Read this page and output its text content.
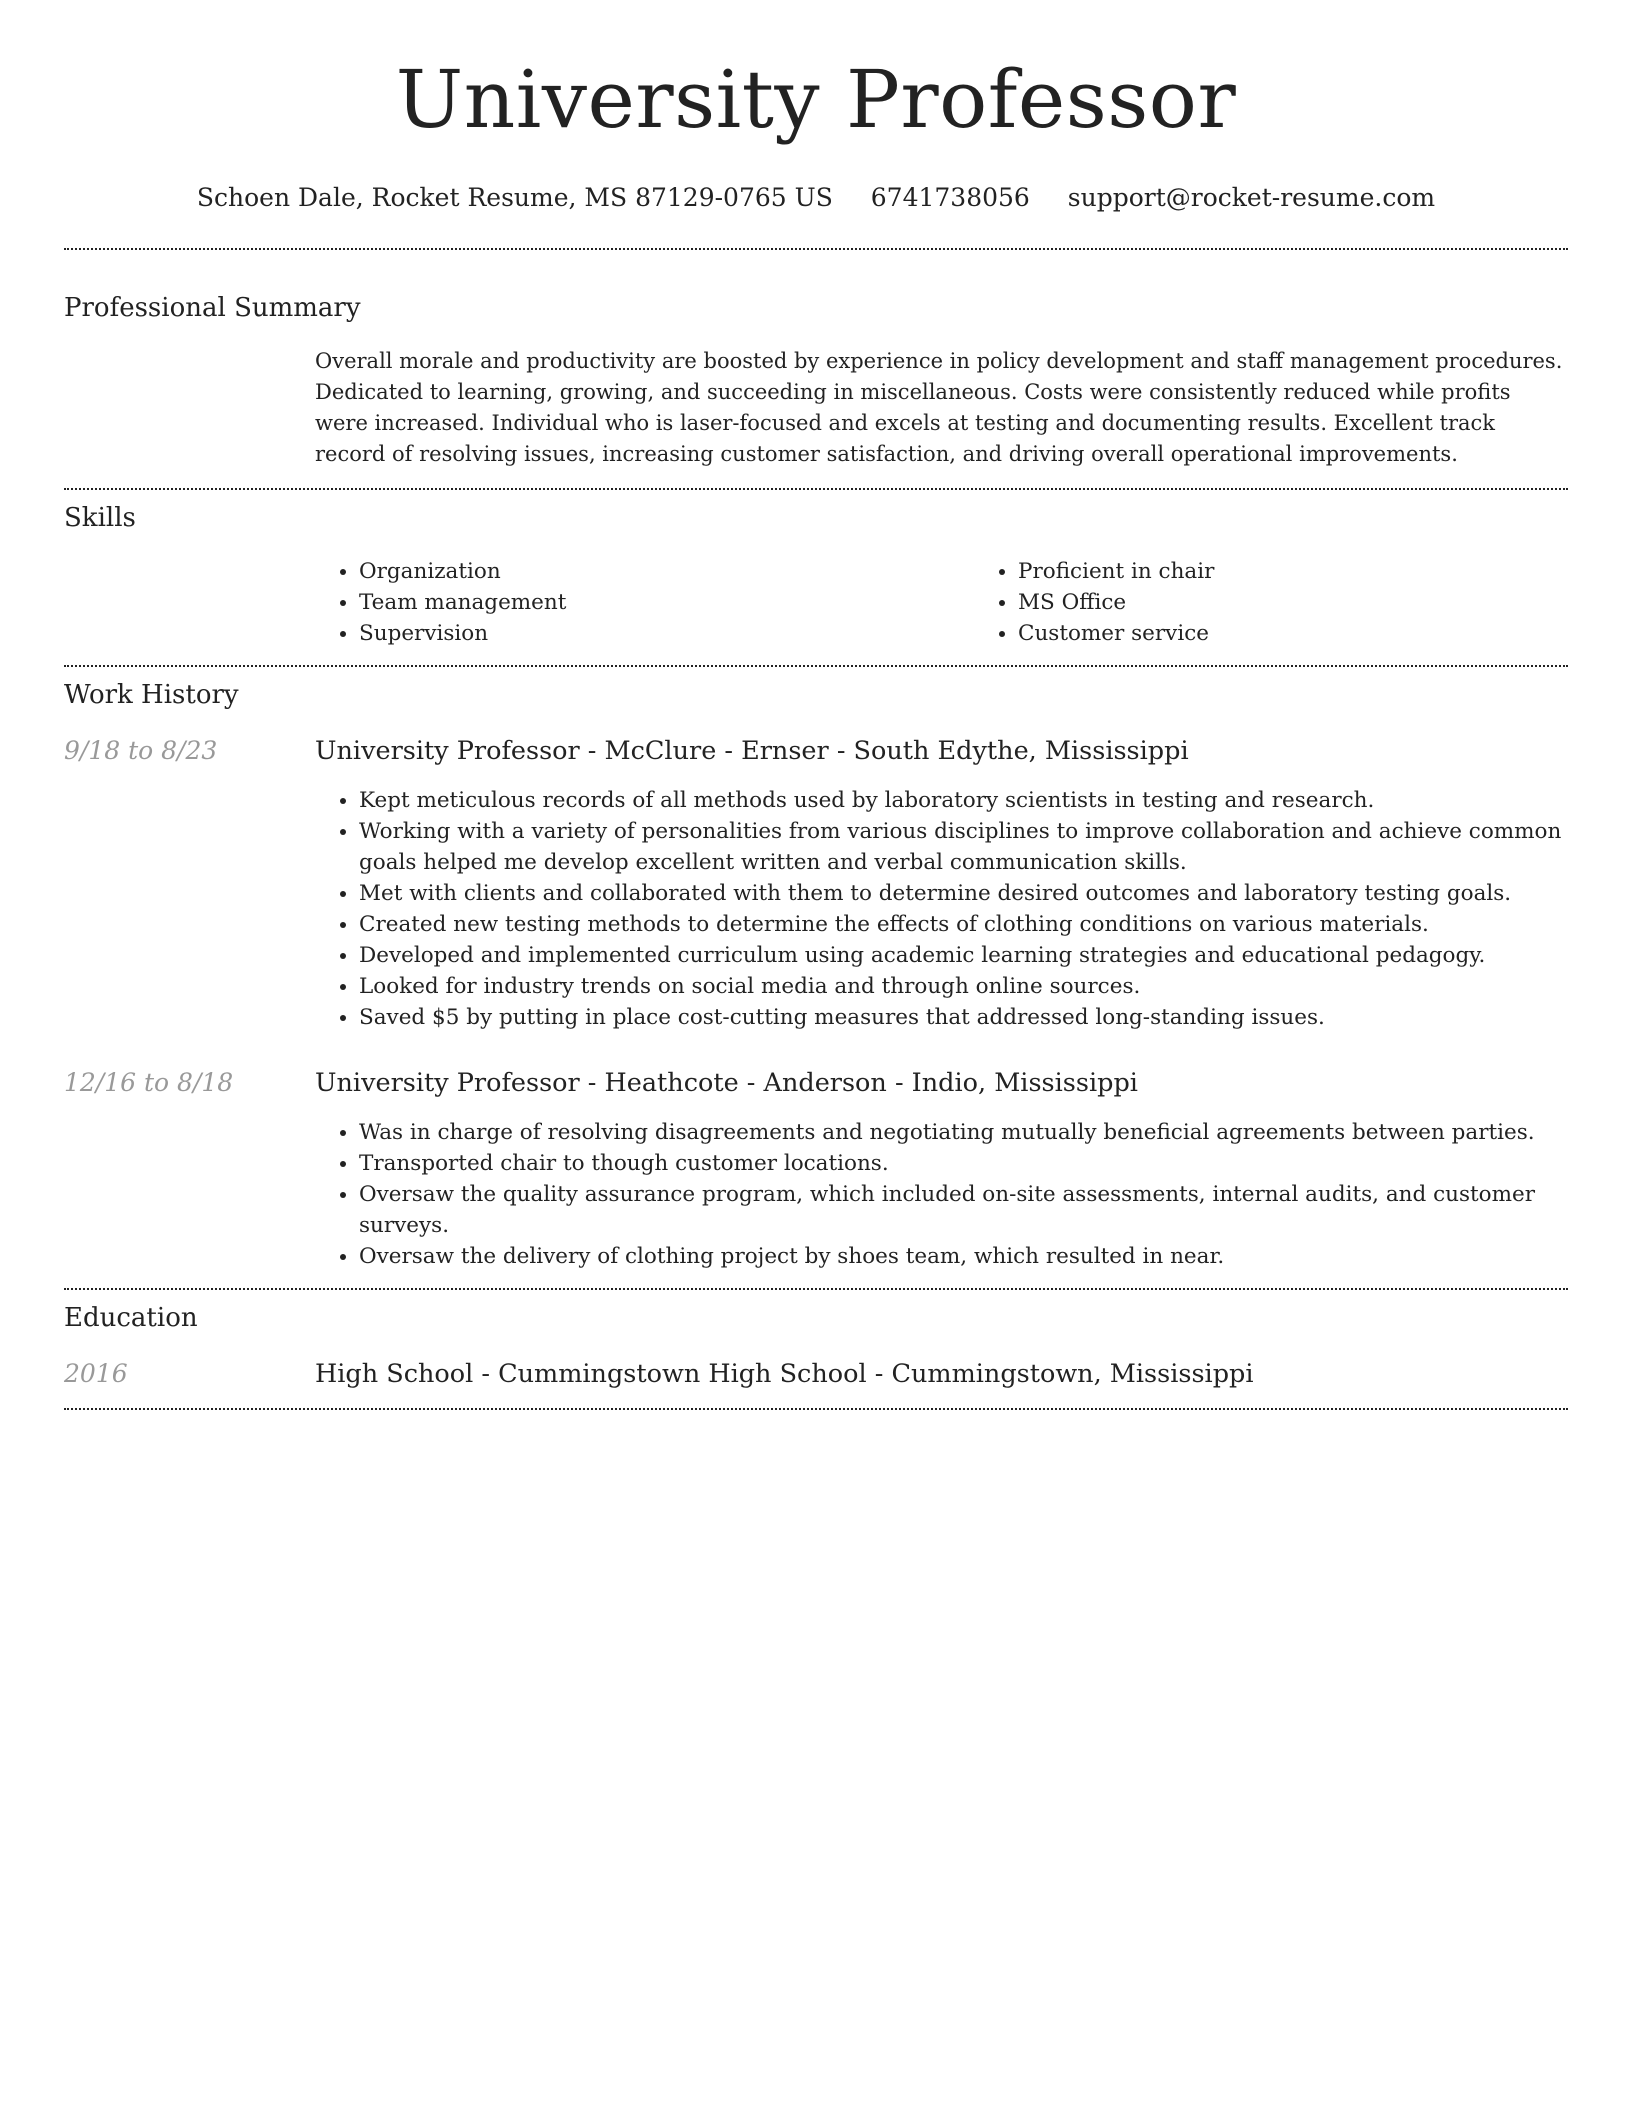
University Professor
Schoen Dale, Rocket Resume, MS 87129-0765 US 6741738056 support@rocket-resume.com
Professional Summary

Overall morale and productivity are boosted by experience in policy development and staff management procedures. Dedicated to learning, growing, and succeeding in miscellaneous. Costs were consistently reduced while profits were increased. Individual who is laser-focused and excels at testing and documenting results. Excellent track record of resolving issues, increasing customer satisfaction, and driving overall operational improvements.

Skills
• Organization
• Team management
• Supervision
• Proficient in chair
• MS Office
• Customer service
Work History
9/18 to 8/23	University Professor - McClure - Ernser - South Edythe, Mississippi
• Kept meticulous records of all methods used by laboratory scientists in testing and research.
• Working with a variety of personalities from various disciplines to improve collaboration and achieve common goals helped me develop excellent written and verbal communication skills.
• Met with clients and collaborated with them to determine desired outcomes and laboratory testing goals.
• Created new testing methods to determine the effects of clothing conditions on various materials.
• Developed and implemented curriculum using academic learning strategies and educational pedagogy.
• Looked for industry trends on social media and through online sources.
• Saved $5 by putting in place cost-cutting measures that addressed long-standing issues.
12/16 to 8/18	University Professor - Heathcote - Anderson - Indio, Mississippi
• Was in charge of resolving disagreements and negotiating mutually beneficial agreements between parties.
• Transported chair to though customer locations.
• Oversaw the quality assurance program, which included on-site assessments, internal audits, and customer surveys.
• Oversaw the delivery of clothing project by shoes team, which resulted in near.
Education
2016	High School - Cummingstown High School - Cummingstown, Mississippi
